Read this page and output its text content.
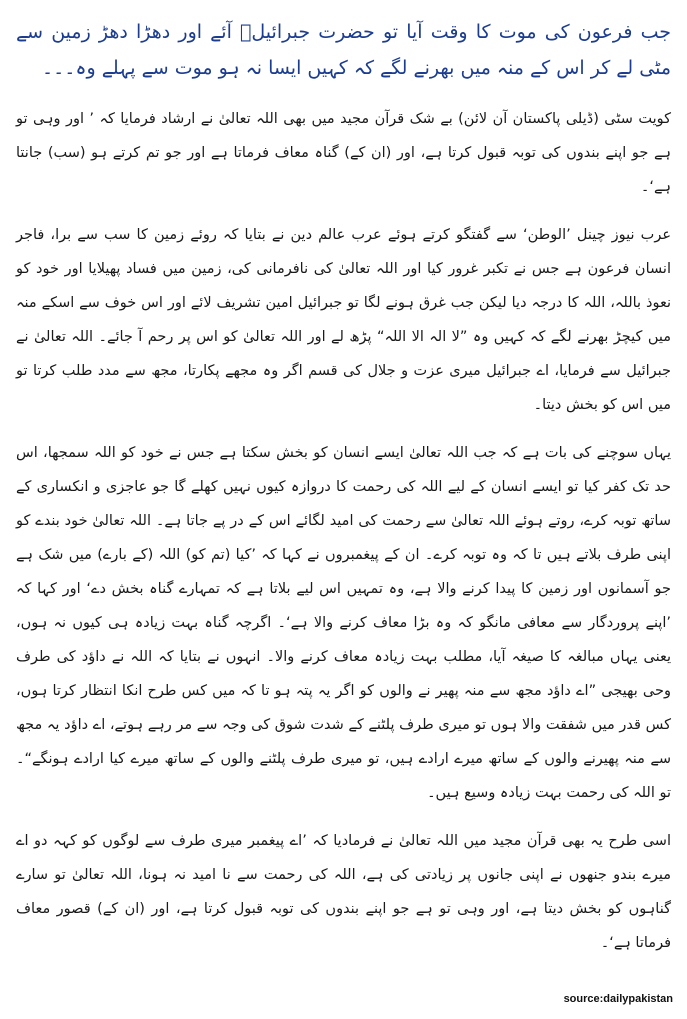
جب فرعون کی موت کا وقت آیا تو حضرت جبرائیلؑ آئے اور دھڑا دھڑ زمین سے مٹی لے کر اس کے منہ میں بھرنے لگے کہ کہیں ایسا نہ ہو موت سے پہلے وہ۔۔۔

کویت سٹی (ڈیلی پاکستان آن لائن) بے شک قرآن مجید میں بھی اللہ تعالیٰ نے ارشاد فرمایا کہ ’ اور وہی تو ہے جو اپنے بندوں کی توبہ قبول کرتا ہے، اور (ان کے) گناہ معاف فرماتا ہے اور جو تم کرتے ہو (سب) جانتا ہے‘۔

عرب نیوز چینل ’الوطن‘ سے گفتگو کرتے ہوئے عرب عالم دین نے بتایا کہ روئے زمین کا سب سے برا، فاجر انسان فرعون ہے جس نے تکبر غرور کیا اور اللہ تعالیٰ کی نافرمانی کی، زمین میں فساد پھیلایا اور خود کو نعوذ باللہ، اللہ کا درجہ دیا لیکن جب غرق ہونے لگا تو جبرائیل امین تشریف لائے اور اس خوف سے اسکے منہ میں کیچڑ بھرنے لگے کہ کہیں وہ ”لا الہ الا اللہ“ پڑھ لے اور اللہ تعالیٰ کو اس پر رحم آ جائے۔ اللہ تعالیٰ نے جبرائیل سے فرمایا، اے جبرائیل میری عزت و جلال کی قسم اگر وہ مجھے پکارتا، مجھ سے مدد طلب کرتا تو میں اس کو بخش دیتا۔

یہاں سوچنے کی بات ہے کہ جب اللہ تعالیٰ ایسے انسان کو بخش سکتا ہے جس نے خود کو اللہ سمجھا، اس حد تک کفر کیا تو ایسے انسان کے لیے اللہ کی رحمت کا دروازہ کیوں نہیں کھلے گا جو عاجزی و انکساری کے ساتھ توبہ کرے، روتے ہوئے اللہ تعالیٰ سے رحمت کی امید لگائے اس کے در پے جاتا ہے۔ اللہ تعالیٰ خود بندے کو اپنی طرف بلاتے ہیں تا کہ وہ توبہ کرے۔ ان کے پیغمبروں نے کہا کہ ’کیا (تم کو) اللہ (کے بارے) میں شک ہے جو آسمانوں اور زمین کا پیدا کرنے والا ہے، وہ تمہیں اس لیے بلاتا ہے کہ تمہارے گناہ بخش دے‘ اور کہا کہ ’اپنے پروردگار سے معافی مانگو کہ وہ بڑا معاف کرنے والا ہے‘۔ اگرچہ گناہ بہت زیادہ ہی کیوں نہ ہوں، یعنی یہاں مبالغہ کا صیغہ آیا، مطلب بہت زیادہ معاف کرنے والا۔ انہوں نے بتایا کہ اللہ نے داؤد کی طرف وحی بھیجی ”اے داؤد مجھ سے منہ پھیر نے والوں کو اگر یہ پتہ ہو تا کہ میں کس طرح انکا انتظار کرتا ہوں، کس قدر میں شفقت والا ہوں تو میری طرف پلٹنے کے شدت شوق کی وجہ سے مر رہے ہوتے، اے داؤد یہ مجھ سے منہ پھیرنے والوں کے ساتھ میرے ارادے ہیں، تو میری طرف پلٹنے والوں کے ساتھ میرے کیا ارادے ہونگے“۔ تو اللہ کی رحمت بہت زیادہ وسیع ہیں۔

اسی طرح یہ بھی قرآن مجید میں اللہ تعالیٰ نے فرمادیا کہ ’اے پیغمبر میری طرف سے لوگوں کو کہہ دو اے میرے بندو جنھوں نے اپنی جانوں پر زیادتی کی ہے، اللہ کی رحمت سے نا امید نہ ہونا، اللہ تعالیٰ تو سارے گناہوں کو بخش دیتا ہے، اور وہی تو ہے جو اپنے بندوں کی توبہ قبول کرتا ہے، اور (ان کے) قصور معاف فرماتا ہے‘۔

source:dailypakistan
